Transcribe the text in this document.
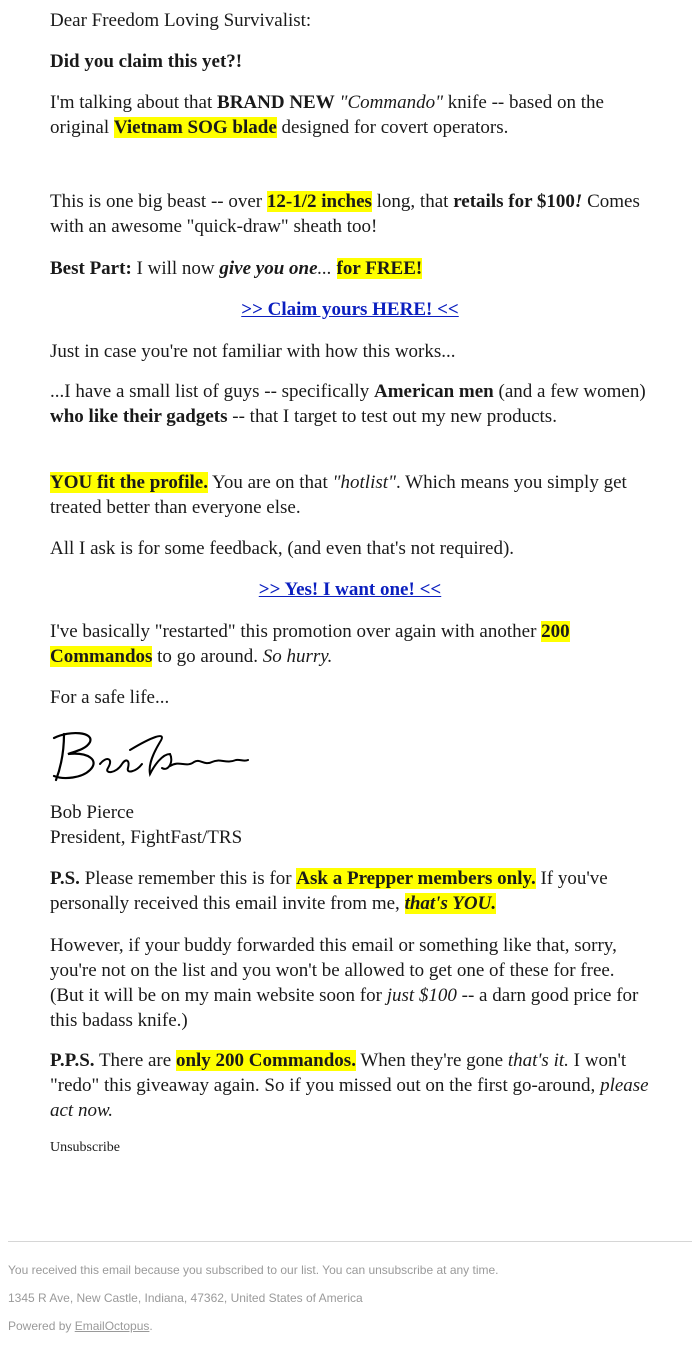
Dear Freedom Loving Survivalist:

Did you claim this yet?!

I'm talking about that BRAND NEW "Commando" knife -- based on the original Vietnam SOG blade designed for covert operators.

This is one big beast -- over 12-1/2 inches long, that retails for $100! Comes with an awesome "quick-draw" sheath too!

Best Part: I will now give you one... for FREE!

>> Claim yours HERE! <<

Just in case you're not familiar with how this works...

...I have a small list of guys -- specifically American men (and a few women) who like their gadgets -- that I target to test out my new products.

YOU fit the profile. You are on that "hotlist". Which means you simply get treated better than everyone else.

All I ask is for some feedback, (and even that's not required).

>> Yes! I want one! <<

I've basically "restarted" this promotion over again with another 200 Commandos to go around. So hurry.

For a safe life...

Bob Pierce

President, FightFast/TRS

P.S. Please remember this is for Ask a Prepper members only. If you've personally received this email invite from me, that's YOU.

However, if your buddy forwarded this email or something like that, sorry, you're not on the list and you won't be allowed to get one of these for free. (But it will be on my main website soon for just $100 -- a darn good price for this badass knife.)

P.P.S. There are only 200 Commandos. When they're gone that's it. I won't "redo" this giveaway again. So if you missed out on the first go-around, please act now.

Unsubscribe

You received this email because you subscribed to our list. You can unsubscribe at any time.
1345 R Ave, New Castle, Indiana, 47362, United States of America
Powered by EmailOctopus.
